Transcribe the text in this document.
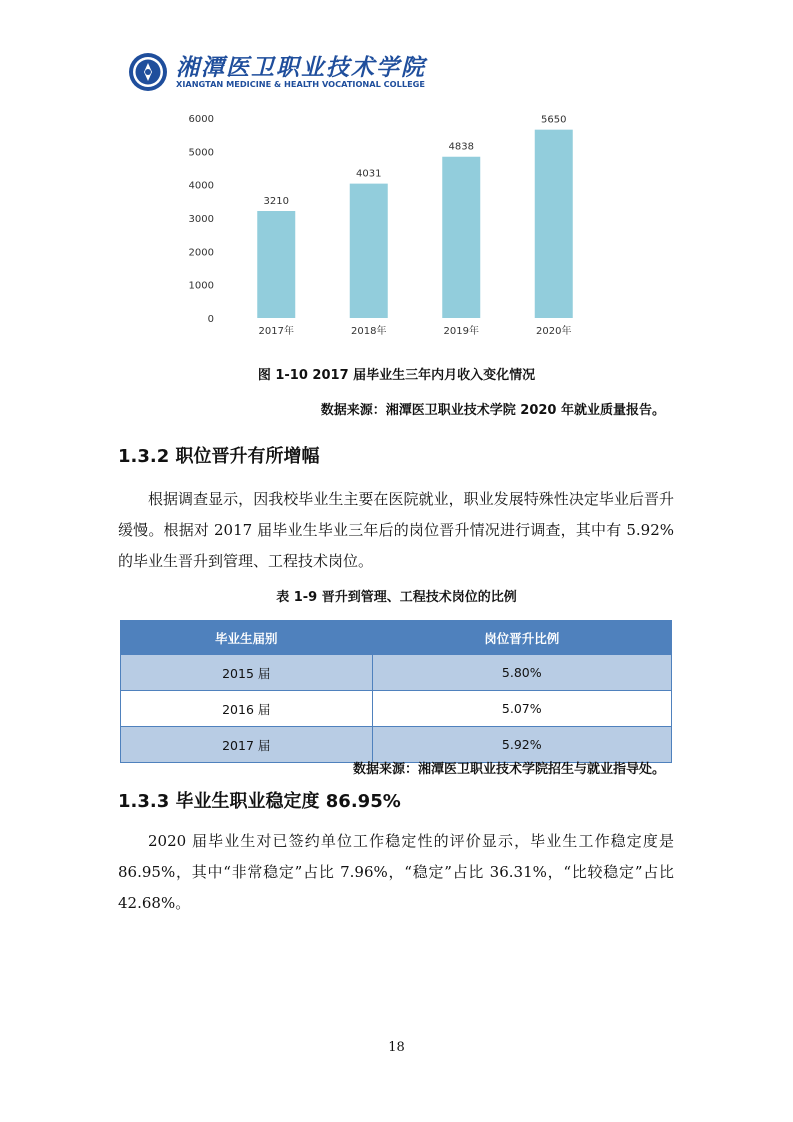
湘潭医卫职业技术学院
XIANGTAN MEDICINE & HEALTH VOCATIONAL COLLEGE
0
1000
2000
3000
4000
5000
6000
3210
2017年
4031
2018年
4838
2019年
5650
2020年
图 1-10 2017 届毕业生三年内月收入变化情况
数据来源：湘潭医卫职业技术学院 2020 年就业质量报告。
1.3.2 职位晋升有所增幅
根据调查显示，因我校毕业生主要在医院就业，职业发展特殊性决定毕业后晋升缓慢。根据对 2017 届毕业生毕业三年后的岗位晋升情况进行调查，其中有 5.92%的毕业生晋升到管理、工程技术岗位。
表 1-9 晋升到管理、工程技术岗位的比例
毕业生届别	岗位晋升比例
2015 届	5.80%
2016 届	5.07%
2017 届	5.92%
数据来源：湘潭医卫职业技术学院招生与就业指导处。
1.3.3 毕业生职业稳定度 86.95%
2020 届毕业生对已签约单位工作稳定性的评价显示，毕业生工作稳定度是 86.95%，其中“非常稳定”占比 7.96%，“稳定”占比 36.31%，“比较稳定”占比 42.68%。
18
